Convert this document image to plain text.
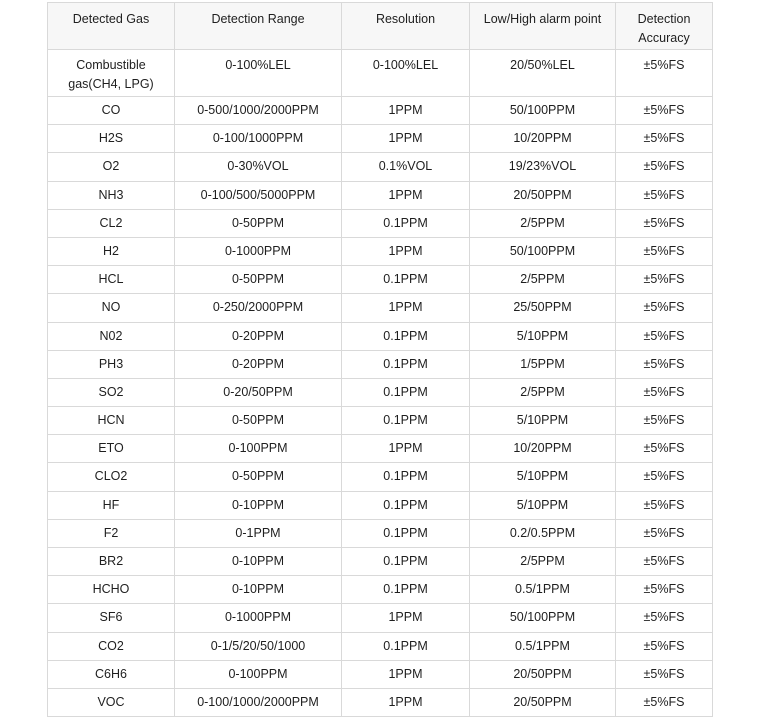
Detected Gas	Detection Range	Resolution	Low/High alarm point	Detection Accuracy
Combustible gas(CH4, LPG)	0-100%LEL	0-100%LEL	20/50%LEL	±5%FS
CO	0-500/1000/2000PPM	1PPM	50/100PPM	±5%FS
H2S	0-100/1000PPM	1PPM	10/20PPM	±5%FS
O2	0-30%VOL	0.1%VOL	19/23%VOL	±5%FS
NH3	0-100/500/5000PPM	1PPM	20/50PPM	±5%FS
CL2	0-50PPM	0.1PPM	2/5PPM	±5%FS
H2	0-1000PPM	1PPM	50/100PPM	±5%FS
HCL	0-50PPM	0.1PPM	2/5PPM	±5%FS
NO	0-250/2000PPM	1PPM	25/50PPM	±5%FS
N02	0-20PPM	0.1PPM	5/10PPM	±5%FS
PH3	0-20PPM	0.1PPM	1/5PPM	±5%FS
SO2	0-20/50PPM	0.1PPM	2/5PPM	±5%FS
HCN	0-50PPM	0.1PPM	5/10PPM	±5%FS
ETO	0-100PPM	1PPM	10/20PPM	±5%FS
CLO2	0-50PPM	0.1PPM	5/10PPM	±5%FS
HF	0-10PPM	0.1PPM	5/10PPM	±5%FS
F2	0-1PPM	0.1PPM	0.2/0.5PPM	±5%FS
BR2	0-10PPM	0.1PPM	2/5PPM	±5%FS
HCHO	0-10PPM	0.1PPM	0.5/1PPM	±5%FS
SF6	0-1000PPM	1PPM	50/100PPM	±5%FS
CO2	0-1/5/20/50/1000	0.1PPM	0.5/1PPM	±5%FS
C6H6	0-100PPM	1PPM	20/50PPM	±5%FS
VOC	0-100/1000/2000PPM	1PPM	20/50PPM	±5%FS
